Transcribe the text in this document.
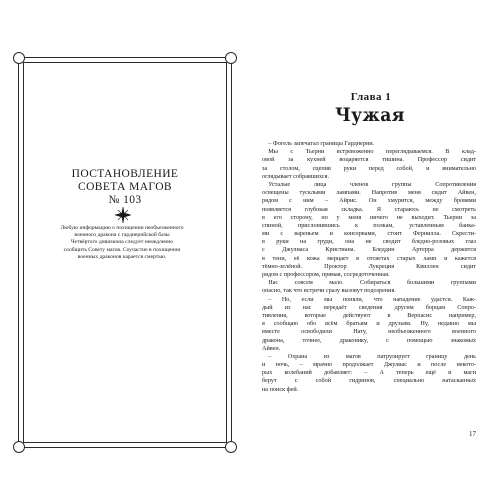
ПОСТАНОВЛЕНИЕ
СОВЕТА МАГОВ
№ 103
Любую информацию о похищении необъезженного
военного дракона с гарднерийской базы
Четвёртого дивизиона следует немедленно
сообщить Совету магов. Соучастие в похищении
военных драконов карается смертью.
Глава 1
Чужая
 – Фогель запечатал границы Гарднерии.
 Мы с Тьерни встревоженно переглядываемся. В клад-
овой за кухней воцаряется тишина. Профессор сидит
за столом, сцепив руки перед собой, и внимательно
оглядывает собравшихся.
 Усталые лица членов группы Сопротивления
освещены тусклыми лампами. Напротив меня сидит Айвен,
рядом с ним – Айрис. Он хмурится, между бровями
появляется глубокая складка. Я стараюсь не смотреть
в его сторону, но у меня ничего не выходит. Тьерни за
спиной, прислонившись к полкам, уставленным банка-
ми с вареньем и консервами, стоит Фернилла. Скрести-
в руки на груди, она не сводит бледно-розовых глаз
с Джулиаса Кристиана. Бледдин Артерра держится
в тени, её кожа мерцает в отсветах старых ламп и кажется
тёмно-зелёной. Проктор Лукреция Квиллен сидит
рядом с профессором, прямая, сосредоточенная.
 Нас совсем мало. Собираться большими группами
опасно, так что встречи сразу вызовут подозрения.
 – Но, если мы поняли, что нападение удастся. Каж-
дый из нас передаёт сведения другим борцам Сопро-
тивления, которые действуют в Верпасис например,
я сообщаю обо всём братьям и друзьям. Ну, недавно мы
вместе освободили Нату, необъезженного военного
дракона, точнее, драконику, с помощью знакомых
Айвен.
 – Охрана из магов патрулирует границу день
и ночь, – мрачно продолжает Джулиас и после некото-
рых колебаний добавляет: – А теперь ещё и маги
берут с собой гидринов, специально натасканных
на поиск фей.
17
